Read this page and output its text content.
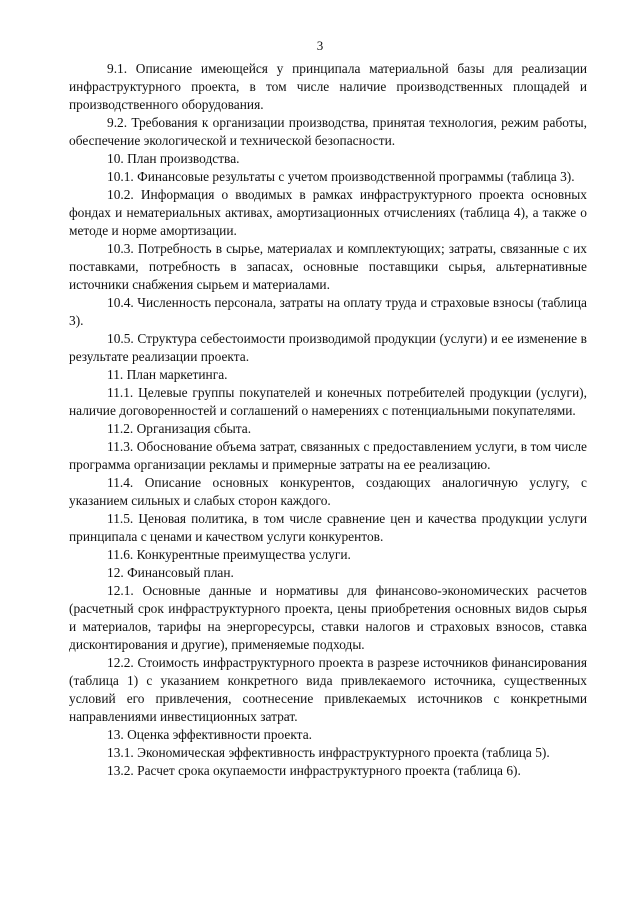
3

9.1. Описание имеющейся у принципала материальной базы для реализации инфраструктурного проекта, в том числе наличие производственных площадей и производственного оборудования.

9.2. Требования к организации производства, принятая технология, режим работы, обеспечение экологической и технической безопасности.

10. План производства.

10.1. Финансовые результаты с учетом производственной программы (таблица 3).

10.2. Информация о вводимых в рамках инфраструктурного проекта основных фондах и нематериальных активах, амортизационных отчислениях (таблица 4), а также о методе и норме амортизации.

10.3. Потребность в сырье, материалах и комплектующих; затраты, связанные с их поставками, потребность в запасах, основные поставщики сырья, альтернативные источники снабжения сырьем и материалами.

10.4. Численность персонала, затраты на оплату труда и страховые взносы (таблица 3).

10.5. Структура себестоимости производимой продукции (услуги) и ее изменение в результате реализации проекта.

11. План маркетинга.

11.1. Целевые группы покупателей и конечных потребителей продукции (услуги), наличие договоренностей и соглашений о намерениях с потенциальными покупателями.

11.2. Организация сбыта.

11.3. Обоснование объема затрат, связанных с предоставлением услуги, в том числе программа организации рекламы и примерные затраты на ее реализацию.

11.4. Описание основных конкурентов, создающих аналогичную услугу, с указанием сильных и слабых сторон каждого.

11.5. Ценовая политика, в том числе сравнение цен и качества продукции услуги принципала с ценами и качеством услуги конкурентов.

11.6. Конкурентные преимущества услуги.

12. Финансовый план.

12.1. Основные данные и нормативы для финансово-экономических расчетов (расчетный срок инфраструктурного проекта, цены приобретения основных видов сырья и материалов, тарифы на энергоресурсы, ставки налогов и страховых взносов, ставка дисконтирования и другие), применяемые подходы.

12.2. Стоимость инфраструктурного проекта в разрезе источников финансирования (таблица 1) с указанием конкретного вида привлекаемого источника, существенных условий его привлечения, соотнесение привлекаемых источников с конкретными направлениями инвестиционных затрат.

13. Оценка эффективности проекта.

13.1. Экономическая эффективность инфраструктурного проекта (таблица 5).

13.2. Расчет срока окупаемости инфраструктурного проекта (таблица 6).
